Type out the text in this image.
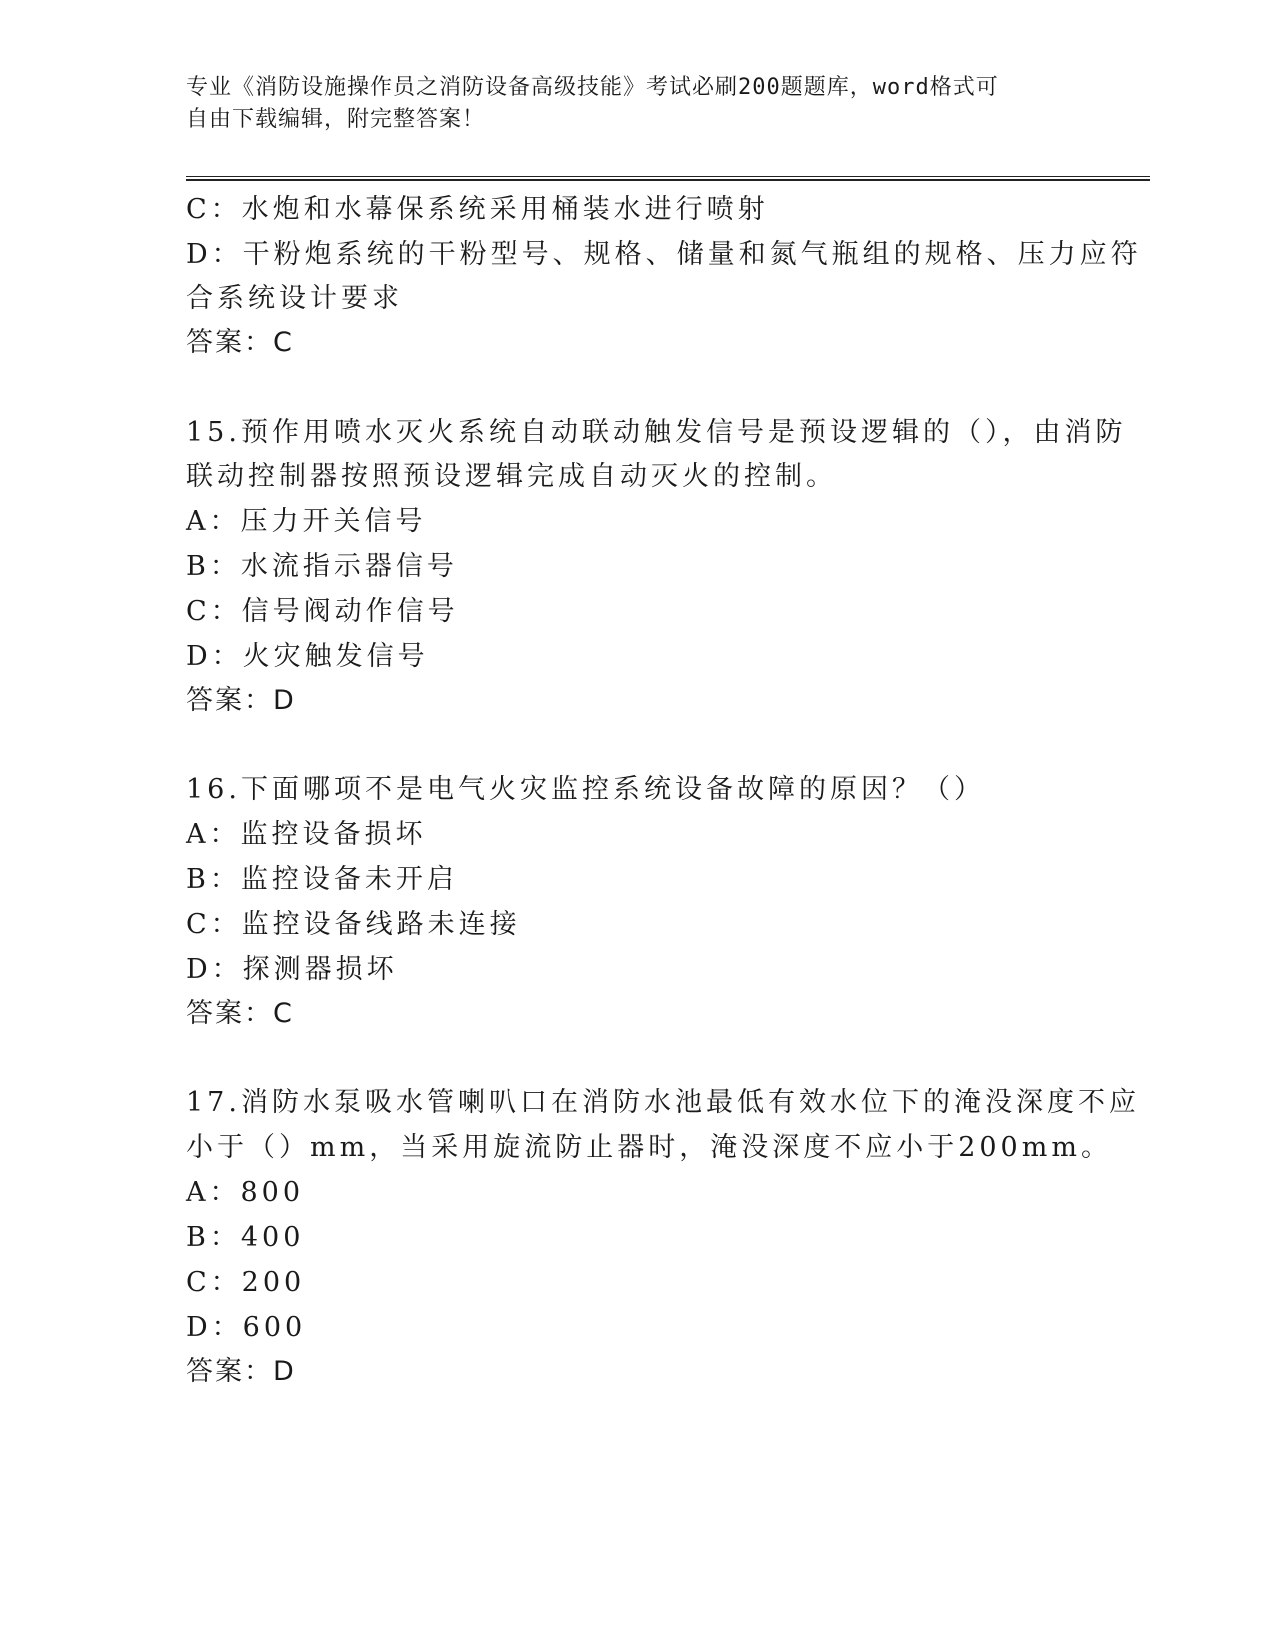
专业《消防设施操作员之消防设备高级技能》考试必刷200题题库，word格式可
自由下载编辑，附完整答案！
C：水炮和水幕保系统采用桶装水进行喷射
D：干粉炮系统的干粉型号、规格、储量和氮气瓶组的规格、压力应符
合系统设计要求
答案：C
15.预作用喷水灭火系统自动联动触发信号是预设逻辑的（），由消防
联动控制器按照预设逻辑完成自动灭火的控制。
A：压力开关信号
B：水流指示器信号
C：信号阀动作信号
D：火灾触发信号
答案：D
16.下面哪项不是电气火灾监控系统设备故障的原因？（）
A：监控设备损坏
B：监控设备未开启
C：监控设备线路未连接
D：探测器损坏
答案：C
17.消防水泵吸水管喇叭口在消防水池最低有效水位下的淹没深度不应
小于（）mm，当采用旋流防止器时，淹没深度不应小于200mm。
A：800
B：400
C：200
D：600
答案：D
